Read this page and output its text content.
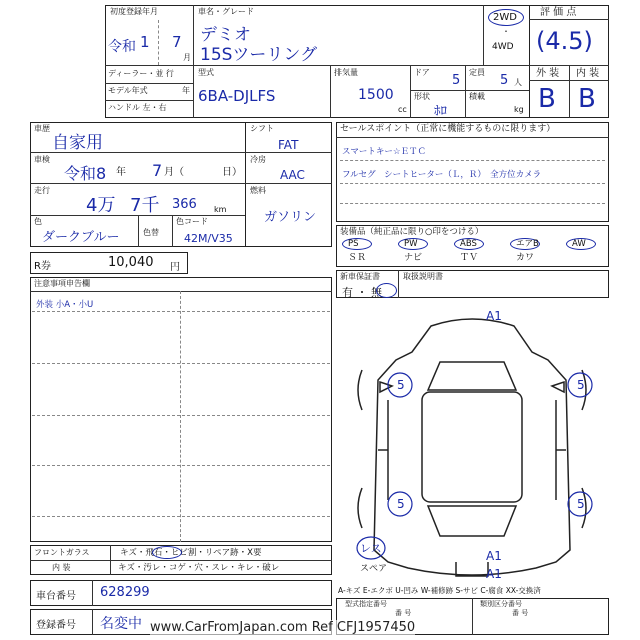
初度登録年月
令和 1 7
月
車名・グレード
デミオ
15Sツーリング
2WD
・
4WD
評 価 点
(4.5)
ディーラー・並 行
モデル年式	年
ハンドル 左・右
型式
6BA-DJLFS
排気量
1500
cc
ドア
5
定員
5 人
形状
ﾎﾛ
積載
kg
外 装 内 装
B B
車歴
自家用
車検
令和8 年 7 月（	日）
走行
4万 7千 366 km
色
ダークブルー	色替
色コード
42M/V35
シフト
FAT
冷房
AAC
燃料
ガソリン
セールスポイント（正常に機能するものに限ります）
スマートキー☆ＥＴＣ
フルセグ　シートヒーター（Ｌ，Ｒ）　全方位カメラ
装備品（純正品に限り○印をつける）
PS	PW	ABS	エアB	AW
ＳＲ	ナビ	ＴＶ	カワ
新車保証書
有 ・ 無
取扱説明書
R券	10,040 円
注意事項申告欄
外装 小A・小U
フロントガラス	キズ・飛石・ヒビ割・リペア跡・X要
内 装	キズ・汚レ・コゲ・穴・スレ・キレ・破レ
車台番号 628299
登録番号 名変中
A1
5	5
5	5
A1
A1
レス
スペア
A-キズ E-エクボ U-凹み W-補修跡 S-サビ C-腐食 XX-交換済
型式指定番号
番 号
類別区分番号
番 号
www.CarFromJapan.com Ref CFJ1957450
